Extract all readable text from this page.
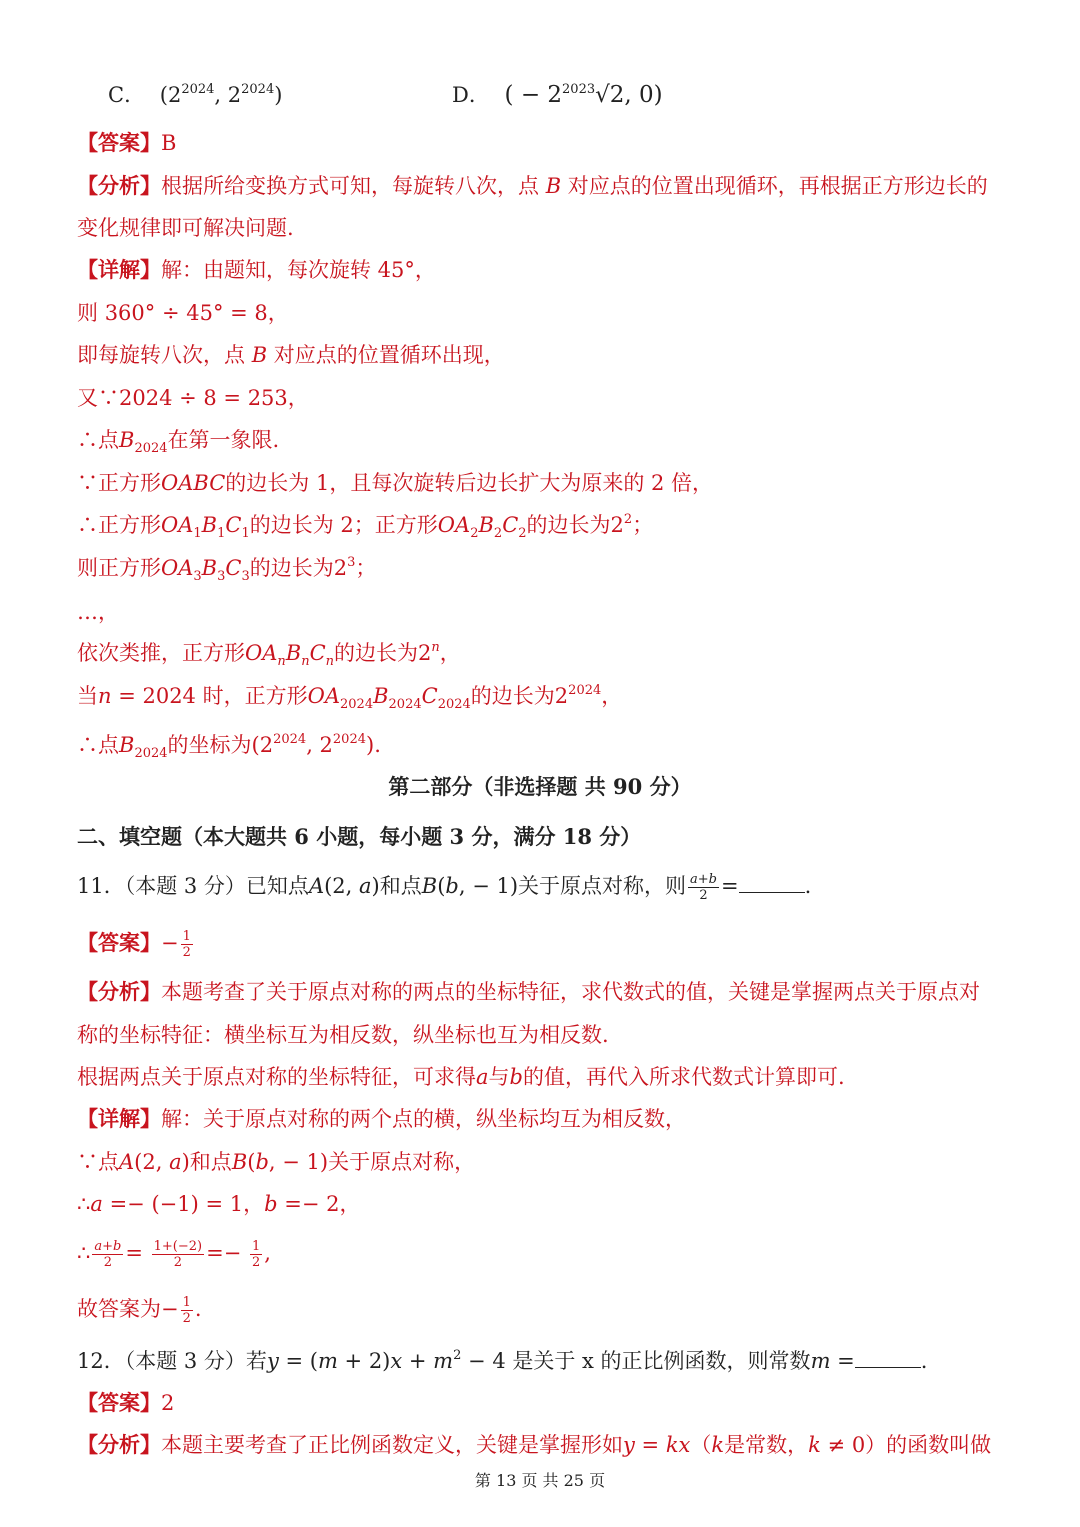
C． ($2^{2024}$, $2^{2024}$)	D． ( − $2^{2023}√2$, 0)
【答案】B
【分析】根据所给变换方式可知，每旋转八次，点 B 对应点的位置出现循环，再根据正方形边长的
变化规律即可解决问题.
【详解】解：由题知，每次旋转 45°，
则 360° ÷ 45° = 8，
即每旋转八次，点 B 对应点的位置循环出现，
又∵2024 ÷ 8 = 253，
∴点$B_{2024}$在第一象限.
∵正方形OABC的边长为 1，且每次旋转后边长扩大为原来的 2 倍，
∴正方形$OA_1B_1C_1$的边长为 2；正方形$OA_2B_2C_2$的边长为$2^2$；
则正方形$OA_3B_3C_3$的边长为$2^3$；
…，
依次类推，正方形$OA_nB_nC_n$的边长为2$^n$，
当n = 2024 时，正方形$OA_{2024}B_{2024}C_{2024}$的边长为$2^{2024}$，
∴点$B_{2024}$的坐标为($2^{2024}$, $2^{2024}$).
第二部分（非选择题 共 90 分）
二、填空题（本大题共 6 小题，每小题 3 分，满分 18 分）
11．（本题 3 分）已知点A(2, a)和点B(b, − 1)关于原点对称，则 $\frac{a+b}{2}$ =	.
【答案】− $\frac{1}{2}$
【分析】本题考查了关于原点对称的两点的坐标特征，求代数式的值，关键是掌握两点关于原点对
称的坐标特征：横坐标互为相反数，纵坐标也互为相反数.
根据两点关于原点对称的坐标特征，可求得a与b的值，再代入所求代数式计算即可.
【详解】解：关于原点对称的两个点的横，纵坐标均互为相反数，
∵点A(2, a)和点B(b, − 1)关于原点对称，
∴a =− (−1) = 1，b =− 2，
∴ $\frac{a+b}{2} = \frac{1+(-2)}{2} =- \frac{1}{2}$ ,
故答案为− $\frac{1}{2}$ .
12．（本题 3 分）若$y = (m + 2)x + m^2 - 4$ 是关于 x 的正比例函数，则常数m =	.
【答案】2
【分析】本题主要考查了正比例函数定义，关键是掌握形如y = kx（k是常数，k ≠ 0）的函数叫做
第 13 页 共 25 页
